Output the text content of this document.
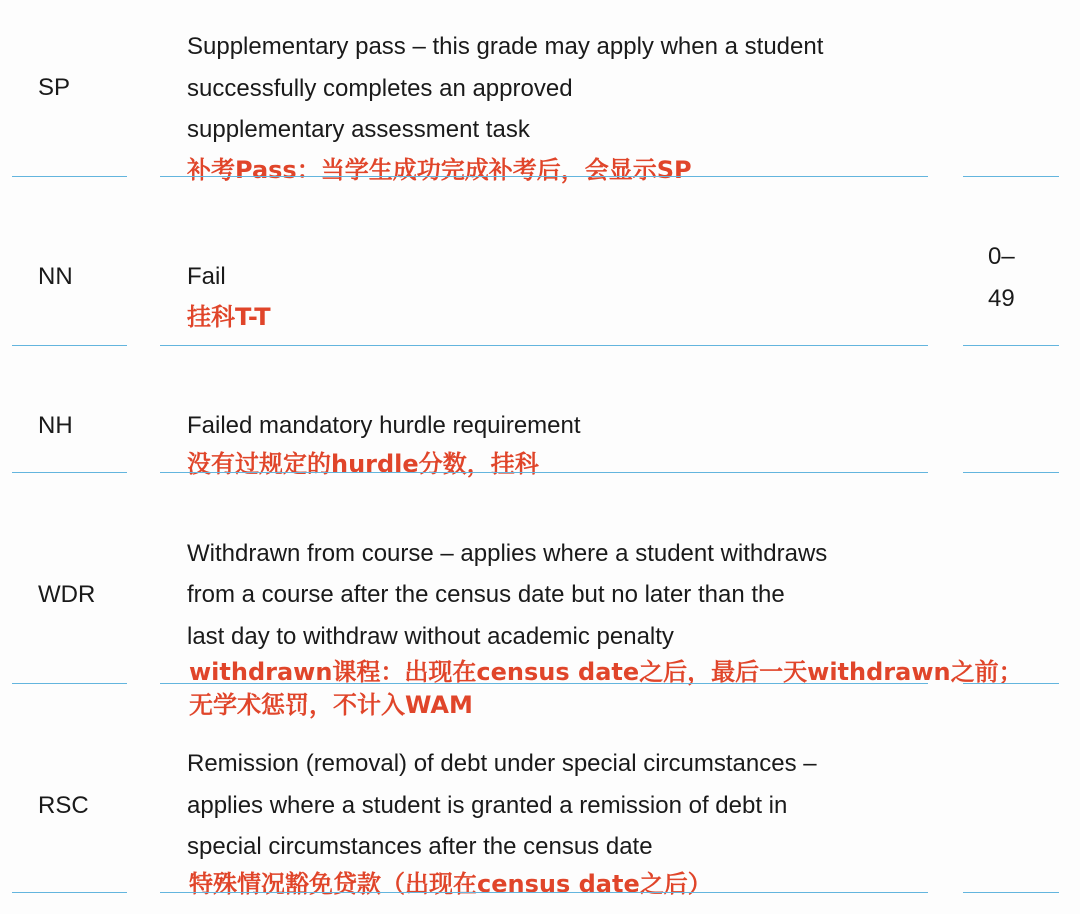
SP
Supplementary pass – this grade may apply when a student
successfully completes an approved
supplementary assessment task
补考Pass：当学生成功完成补考后，会显示SP
NN	Fail
挂科T-T
0–
49
NH	Failed mandatory hurdle requirement
没有过规定的hurdle分数，挂科
WDR
Withdrawn from course – applies where a student withdraws
from a course after the census date but no later than the
last day to withdraw without academic penalty
withdrawn课程：出现在census date之后，最后一天withdrawn之前；
无学术惩罚，不计入WAM
RSC
Remission (removal) of debt under special circumstances –
applies where a student is granted a remission of debt in
special circumstances after the census date
特殊情况豁免贷款（出现在census date之后）
